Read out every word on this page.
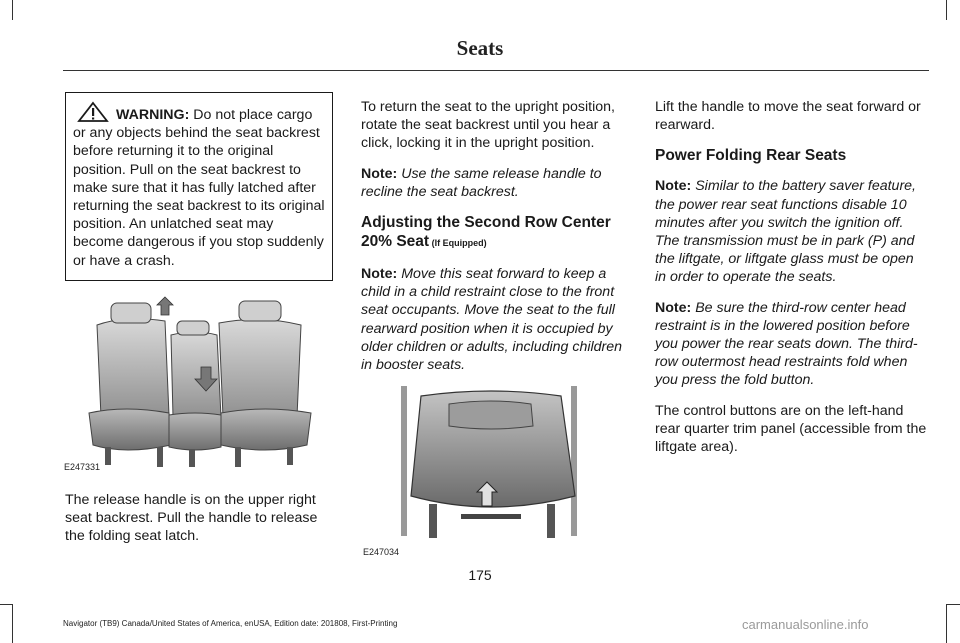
Seats
WARNING: Do not place cargo or any objects behind the seat backrest before returning it to the original position. Pull on the seat backrest to make sure that it has fully latched after returning the seat backrest to its original position. An unlatched seat may become dangerous if you stop suddenly or have a crash.
E247331

The release handle is on the upper right seat backrest. Pull the handle to release the folding seat latch.

To return the seat to the upright position, rotate the seat backrest until you hear a click, locking it in the upright position.

Note: Use the same release handle to recline the seat backrest.

Adjusting the Second Row Center 20% Seat (If Equipped)

Note: Move this seat forward to keep a child in a child restraint close to the front seat occupants. Move the seat to the full rearward position when it is occupied by older children or adults, including children in booster seats.

E247034

Lift the handle to move the seat forward or rearward.

Power Folding Rear Seats

Note: Similar to the battery saver feature, the power rear seat functions disable 10 minutes after you switch the ignition off. The transmission must be in park (P) and the liftgate, or liftgate glass must be open in order to operate the seats.

Note: Be sure the third-row center head restraint is in the lowered position before you power the rear seats down. The third-row outermost head restraints fold when you press the fold button.

The control buttons are on the left-hand rear quarter trim panel (accessible from the liftgate area).

175
Navigator (TB9) Canada/United States of America, enUSA, Edition date: 201808, First-Printing	carmanualsonline.info
